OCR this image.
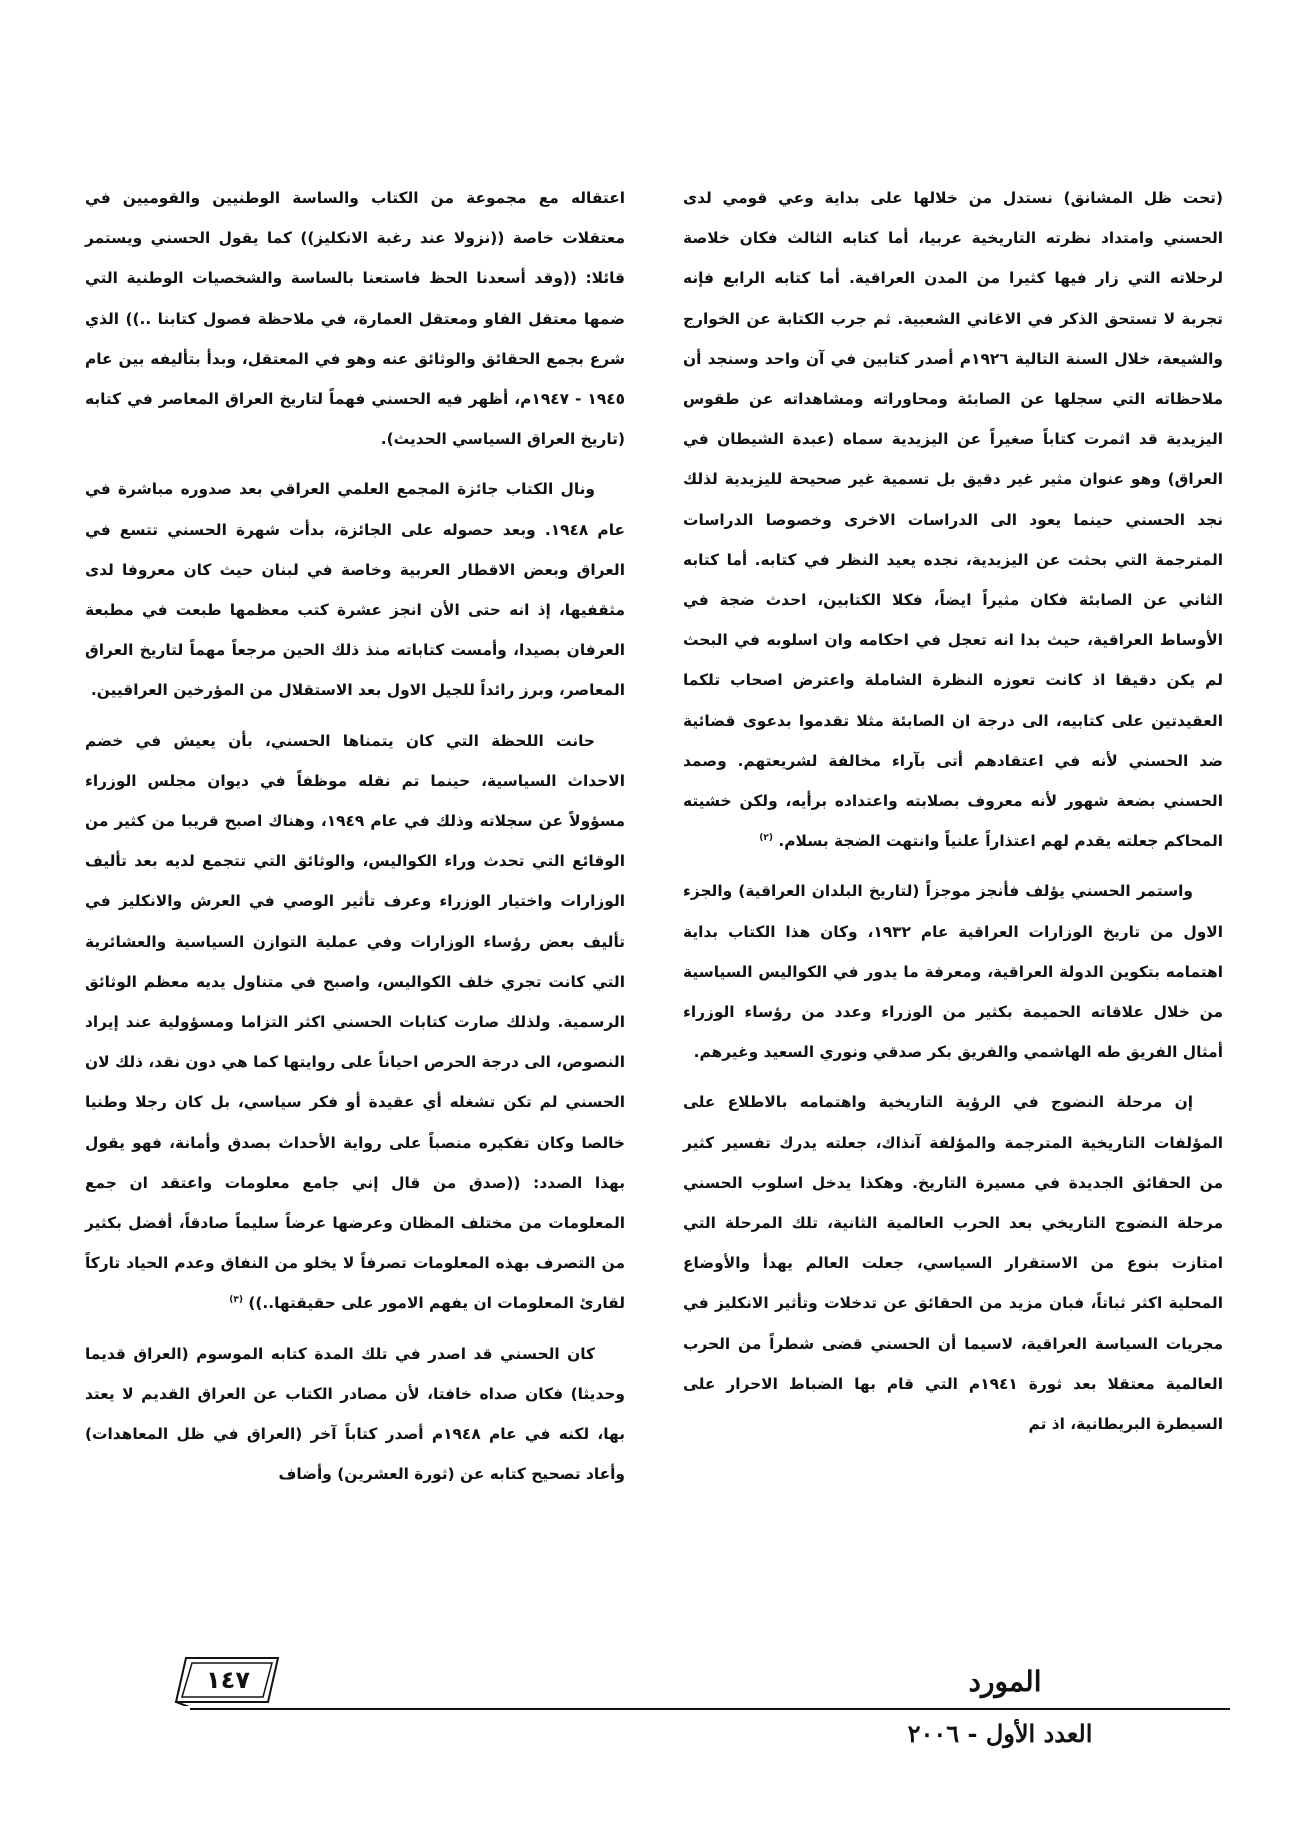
(تحت ظل المشانق) نستدل من خلالها على بداية وعي قومي لدى الحسني وامتداد نظرته التاريخية عربيا، أما كتابه الثالث فكان خلاصة لرحلاته التي زار فيها كثيرا من المدن العراقية. أما كتابه الرابع فإنه تجربة لا تستحق الذكر في الاغاني الشعبية. ثم جرب الكتابة عن الخوارج والشيعة، خلال السنة التالية ١٩٢٦م أصدر كتابين في آن واحد وسنجد أن ملاحظاته التي سجلها عن الصابئة ومحاوراته ومشاهداته عن طقوس اليزيدية قد اثمرت كتاباً صغيراً عن اليزيدية سماه (عبدة الشيطان في العراق) وهو عنوان مثير غير دقيق بل تسمية غير صحيحة لليزيدية لذلك نجد الحسني حينما يعود الى الدراسات الاخرى وخصوصا الدراسات المترجمة التي بحثت عن اليزيدية، نجده يعيد النظر في كتابه. أما كتابه الثاني عن الصابئة فكان مثيراً ايضاً، فكلا الكتابين، احدث ضجة في الأوساط العراقية، حيث بدا انه تعجل في احكامه وان اسلوبه في البحث لم يكن دقيقا اذ كانت تعوزه النظرة الشاملة واعترض اصحاب تلكما العقيدتين على كتابيه، الى درجة ان الصابئة مثلا تقدموا بدعوى قضائية ضد الحسني لأنه في اعتقادهم أتى بآراء مخالفة لشريعتهم. وصمد الحسني بضعة شهور لأنه معروف بصلابته واعتداده برأيه، ولكن خشيته المحاكم جعلته يقدم لهم اعتذاراً علنياً وانتهت الضجة بسلام. $^{(٢)}$

واستمر الحسني يؤلف فأنجز موجزاً (لتاريخ البلدان العراقية) والجزء الاول من تاريخ الوزارات العراقية عام ١٩٣٢، وكان هذا الكتاب بداية اهتمامه بتكوين الدولة العراقية، ومعرفة ما يدور في الكواليس السياسية من خلال علاقاته الحميمة بكثير من الوزراء وعدد من رؤساء الوزراء أمثال الفريق طه الهاشمي والفريق بكر صدقي ونوري السعيد وغيرهم.

إن مرحلة النضوج في الرؤية التاريخية واهتمامه بالاطلاع على المؤلفات التاريخية المترجمة والمؤلفة آنذاك، جعلته يدرك تفسير كثير من الحقائق الجديدة في مسيرة التاريخ. وهكذا يدخل اسلوب الحسني مرحلة النضوج التاريخي بعد الحرب العالمية الثانية، تلك المرحلة التي امتازت بنوع من الاستقرار السياسي، جعلت العالم يهدأ والأوضاع المحلية اكثر ثباتاً، فبان مزيد من الحقائق عن تدخلات وتأثير الانكليز في مجريات السياسة العراقية، لاسيما أن الحسني قضى شطراً من الحرب العالمية معتقلا بعد ثورة ١٩٤١م التي قام بها الضباط الاحرار على السيطرة البريطانية، اذ تم

اعتقاله مع مجموعة من الكتاب والساسة الوطنيين والقوميين في معتقلات خاصة ((نزولا عند رغبة الانكليز)) كما يقول الحسني ويستمر قائلا: ((وقد أسعدنا الحظ فاستعنا بالساسة والشخصيات الوطنية التي ضمها معتقل الفاو ومعتقل العمارة، في ملاحظة فصول كتابنا ..)) الذي شرع بجمع الحقائق والوثائق عنه وهو في المعتقل، وبدأ بتأليفه بين عام ١٩٤٥ - ١٩٤٧م، أظهر فيه الحسني فهماً لتاريخ العراق المعاصر في كتابه (تاريخ العراق السياسي الحديث).

ونال الكتاب جائزة المجمع العلمي العراقي بعد صدوره مباشرة في عام ١٩٤٨. وبعد حصوله على الجائزة، بدأت شهرة الحسني تتسع في العراق وبعض الاقطار العربية وخاصة في لبنان حيث كان معروفا لدى مثقفيها، إذ انه حتى الأن انجز عشرة كتب معظمها طبعت في مطبعة العرفان بصيدا، وأمست كتاباته منذ ذلك الحين مرجعاً مهماً لتاريخ العراق المعاصر، وبرز رائداً للجيل الاول بعد الاستقلال من المؤرخين العراقيين.

حانت اللحظة التي كان يتمناها الحسني، بأن يعيش في خضم الاحداث السياسية، حينما تم نقله موظفاً في ديوان مجلس الوزراء مسؤولاً عن سجلاته وذلك في عام ١٩٤٩، وهناك اصبح قريبا من كثير من الوقائع التي تحدث وراء الكواليس، والوثائق التي تتجمع لديه بعد تأليف الوزارات واختيار الوزراء وعرف تأثير الوصي في العرش والانكليز في تأليف بعض رؤساء الوزارات وفي عملية التوازن السياسية والعشائرية التي كانت تجري خلف الكواليس، واصبح في متناول يديه معظم الوثائق الرسمية. ولذلك صارت كتابات الحسني اكثر التزاما ومسؤولية عند إيراد النصوص، الى درجة الحرص احياناً على روايتها كما هي دون نقد، ذلك لان الحسني لم تكن تشغله أي عقيدة أو فكر سياسي، بل كان رجلا وطنيا خالصا وكان تفكيره منصباً على رواية الأحداث بصدق وأمانة، فهو يقول بهذا الصدد: ((صدق من قال إني جامع معلومات واعتقد ان جمع المعلومات من مختلف المظان وعرضها عرضاً سليماً صادقاً، أفضل بكثير من التصرف بهذه المعلومات تصرفاً لا يخلو من النفاق وعدم الحياد تاركاً لقارئ المعلومات ان يفهم الامور على حقيقتها..)) $^{(٣)}$

كان الحسني قد اصدر في تلك المدة كتابه الموسوم (العراق قديما وحديثا) فكان صداه خافتا، لأن مصادر الكتاب عن العراق القديم لا يعتد بها، لكنه في عام ١٩٤٨م أصدر كتاباً آخر (العراق في ظل المعاهدات) وأعاد تصحيح كتابه عن (ثورة العشرين) وأضاف

١٤٧	المورد
العدد الأول - ٢٠٠٦
